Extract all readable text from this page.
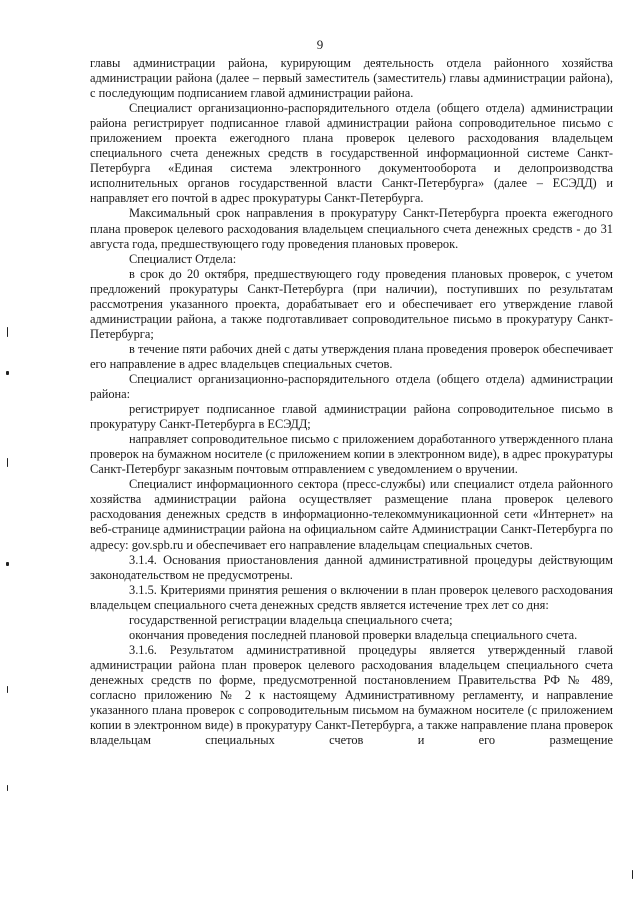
9

главы администрации района, курирующим деятельность отдела районного хозяйства администрации района (далее – первый заместитель (заместитель) главы администрации района), с последующим подписанием главой администрации района.

Специалист организационно-распорядительного отдела (общего отдела) администрации района регистрирует подписанное главой администрации района сопроводительное письмо с приложением проекта ежегодного плана проверок целевого расходования владельцем специального счета денежных средств в государственной информационной системе Санкт-Петербурга «Единая система электронного документооборота и делопроизводства исполнительных органов государственной власти Санкт-Петербурга» (далее – ЕСЭДД) и направляет его почтой в адрес прокуратуры Санкт-Петербурга.

Максимальный срок направления в прокуратуру Санкт-Петербурга проекта ежегодного плана проверок целевого расходования владельцем специального счета денежных средств - до 31 августа года, предшествующего году проведения плановых проверок.

Специалист Отдела:

в срок до 20 октября, предшествующего году проведения плановых проверок, с учетом предложений прокуратуры Санкт-Петербурга (при наличии), поступивших по результатам рассмотрения указанного проекта, дорабатывает его и обеспечивает его утверждение главой администрации района, а также подготавливает сопроводительное письмо в прокуратуру Санкт-Петербурга;

в течение пяти рабочих дней с даты утверждения плана проведения проверок обеспечивает его направление в адрес владельцев специальных счетов.

Специалист организационно-распорядительного отдела (общего отдела) администрации района:

регистрирует подписанное главой администрации района сопроводительное письмо в прокуратуру Санкт-Петербурга в ЕСЭДД;

направляет сопроводительное письмо с приложением доработанного утвержденного плана проверок на бумажном носителе (с приложением копии в электронном виде), в адрес прокуратуры Санкт-Петербург заказным почтовым отправлением с уведомлением о вручении.

Специалист информационного сектора (пресс-службы) или специалист отдела районного хозяйства администрации района осуществляет размещение плана проверок целевого расходования денежных средств в информационно-телекоммуникационной сети «Интернет» на веб-странице администрации района на официальном сайте Администрации Санкт-Петербурга по адресу: gov.spb.ru и обеспечивает его направление владельцам специальных счетов.

3.1.4. Основания приостановления данной административной процедуры действующим законодательством не предусмотрены.

3.1.5. Критериями принятия решения о включении в план проверок целевого расходования владельцем специального счета денежных средств является истечение трех лет со дня:

государственной регистрации владельца специального счета;

окончания проведения последней плановой проверки владельца специального счета.

3.1.6. Результатом административной процедуры является утвержденный главой администрации района план проверок целевого расходования владельцем специального счета денежных средств по форме, предусмотренной постановлением Правительства РФ № 489, согласно приложению № 2 к настоящему Административному регламенту, и направление указанного плана проверок с сопроводительным письмом на бумажном носителе (с приложением копии в электронном виде) в прокуратуру Санкт-Петербурга, а также направление плана проверок владельцам специальных счетов и его размещение
